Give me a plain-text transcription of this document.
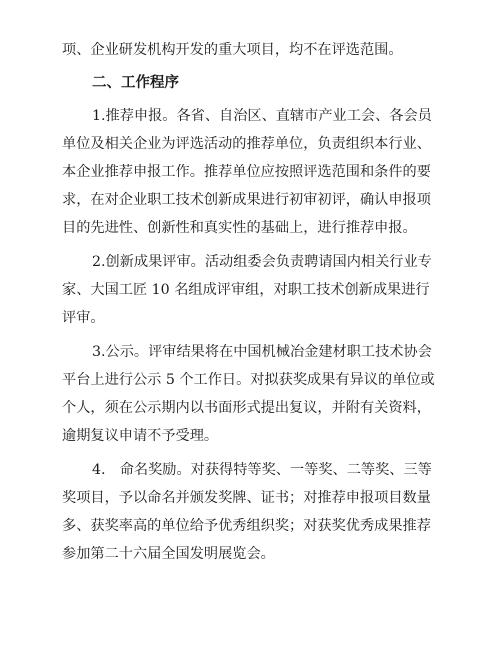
项、企业研发机构开发的重大项目，均不在评选范围。
二、工作程序
1.推荐申报。各省、自治区、直辖市产业工会、各会员
单位及相关企业为评选活动的推荐单位，负责组织本行业、
本企业推荐申报工作。推荐单位应按照评选范围和条件的要
求，在对企业职工技术创新成果进行初审初评，确认申报项
目的先进性、创新性和真实性的基础上，进行推荐申报。
2.创新成果评审。活动组委会负责聘请国内相关行业专
家、大国工匠 10 名组成评审组，对职工技术创新成果进行
评审。
3.公示。评审结果将在中国机械冶金建材职工技术协会
平台上进行公示 5 个工作日。对拟获奖成果有异议的单位或
个人，须在公示期内以书面形式提出复议，并附有关资料，
逾期复议申请不予受理。
4.　命名奖励。对获得特等奖、一等奖、二等奖、三等
奖项目，予以命名并颁发奖牌、证书；对推荐申报项目数量
多、获奖率高的单位给予优秀组织奖；对获奖优秀成果推荐
参加第二十六届全国发明展览会。
